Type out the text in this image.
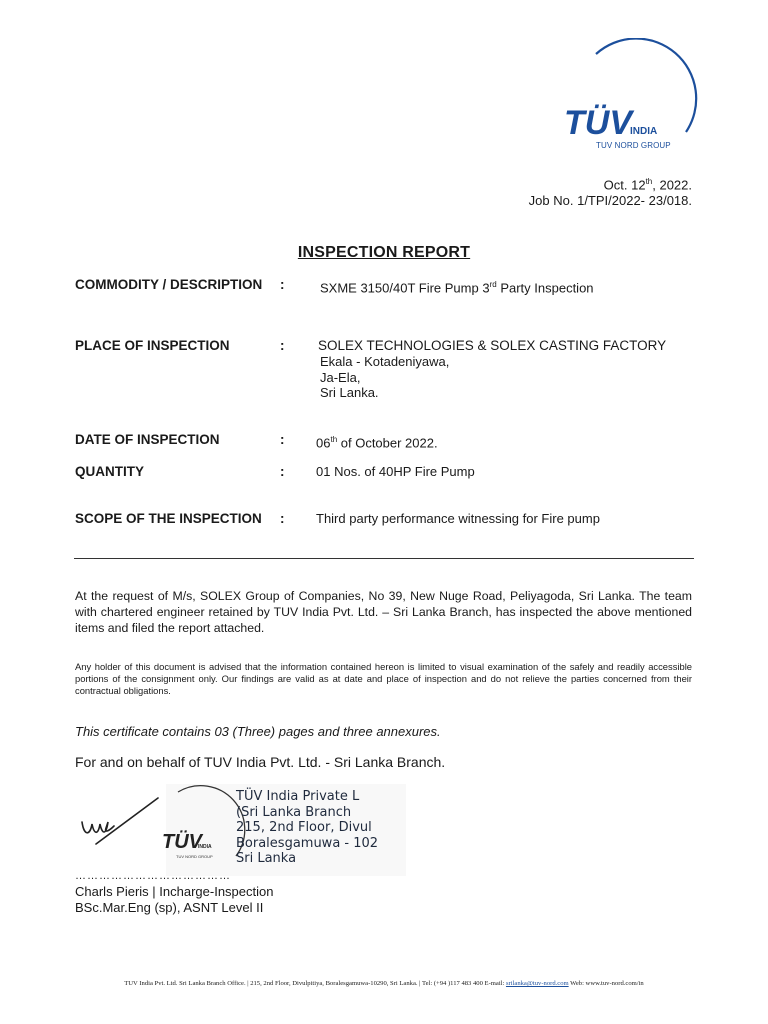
TÜV
INDIA
TUV NORD GROUP
Oct. 12th, 2022.
Job No. 1/TPI/2022- 23/018.
INSPECTION REPORT
COMMODITY / DESCRIPTION :	SXME 3150/40T Fire Pump 3rd Party Inspection
PLACE OF INSPECTION	: SOLEX TECHNOLOGIES & SOLEX CASTING FACTORY
Ekala - Kotadeniyawa,
Ja-Ela,
Sri Lanka.
DATE OF INSPECTION	: 06th of October 2022.
QUANTITY	: 01 Nos. of 40HP Fire Pump
SCOPE OF THE INSPECTION : Third party performance witnessing for Fire pump
At the request of M/s, SOLEX Group of Companies, No 39, New Nuge Road, Peliyagoda, Sri Lanka. The team with chartered engineer retained by TUV India Pvt. Ltd. – Sri Lanka Branch, has inspected the above mentioned items and filed the report attached.
Any holder of this document is advised that the information contained hereon is limited to visual examination of the safely and readily accessible portions of the consignment only. Our findings are valid as at date and place of inspection and do not relieve the parties concerned from their contractual obligations.
This certificate contains 03 (Three) pages and three annexures.
For and on behalf of TUV India Pvt. Ltd. - Sri Lanka Branch.
TÜV
INDIA
TUV NORD GROUP
TÜV India Private L
(Sri Lanka Branch
215, 2nd Floor, Divul
Boralesgamuwa - 102
Sri Lanka
…………………………………
Charls Pieris | Incharge-Inspection
BSc.Mar.Eng (sp), ASNT Level II
TUV India Pvt. Ltd. Sri Lanka Branch Office. | 215, 2nd Floor, Divulpitiya, Boralesgamuwa-10290, Sri Lanka. | Tel: (+94 )117 483 400 E-mail: srilanka@tuv-nord.com Web: www.tuv-nord.com/in
